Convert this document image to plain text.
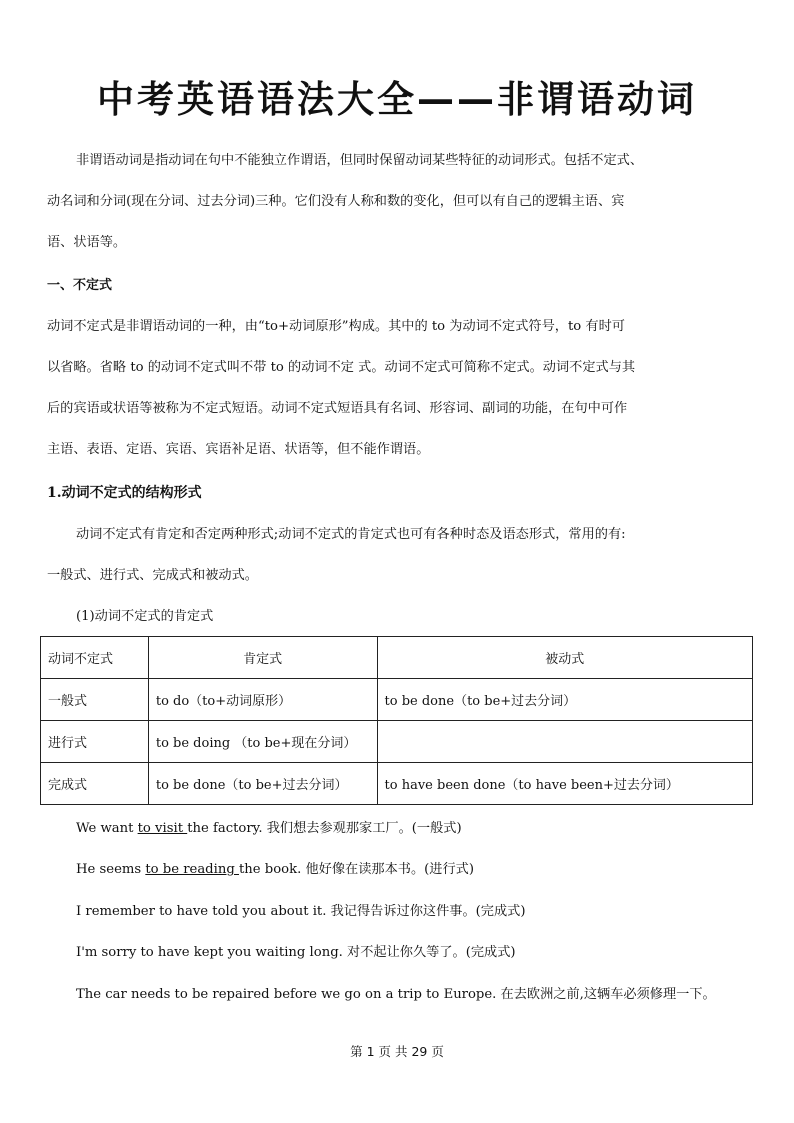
中考英语语法大全——非谓语动词
非谓语动词是指动词在句中不能独立作谓语，但同时保留动词某些特征的动词形式。包括不定式、
动名词和分词(现在分词、过去分词)三种。它们没有人称和数的变化，但可以有自己的逻辑主语、宾
语、状语等。
一、不定式
动词不定式是非谓语动词的一种，由“to+动词原形”构成。其中的 to 为动词不定式符号，to 有时可
以省略。省略 to 的动词不定式叫不带 to 的动词不定 式。动词不定式可简称不定式。动词不定式与其
后的宾语或状语等被称为不定式短语。动词不定式短语具有名词、形容词、副词的功能，在句中可作
主语、表语、定语、宾语、宾语补足语、状语等，但不能作谓语。
1.动词不定式的结构形式
动词不定式有肯定和否定两种形式;动词不定式的肯定式也可有各种时态及语态形式，常用的有:
一般式、进行式、完成式和被动式。
(1)动词不定式的肯定式
动词不定式	肯定式	被动式
一般式	to do（to+动词原形）	to be done（to be+过去分词）
进行式	to be doing （to be+现在分词）	
完成式	to be done（to be+过去分词）	to have been done（to have been+过去分词）
We want to visit the factory. 我们想去参观那家工厂。(一般式)
He seems to be reading the book. 他好像在读那本书。(进行式)
I remember to have told you about it. 我记得告诉过你这件事。(完成式)
I'm sorry to have kept you waiting long. 对不起让你久等了。(完成式)
The car needs to be repaired before we go on a trip to Europe. 在去欧洲之前,这辆车必须修理一下。
第 1 页 共 29 页
